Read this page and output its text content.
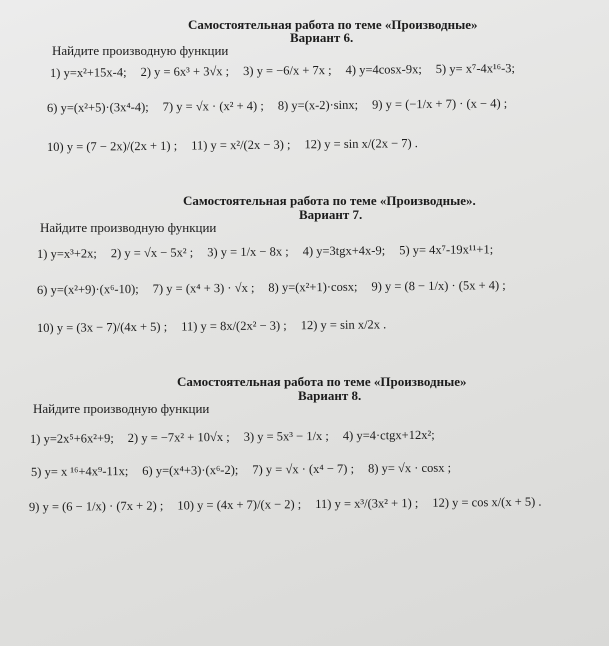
Самостоятельная работа по теме «Производные»
Вариант 6.
Найдите производную функции
1) y=x²+15x-4; 2) y = 6x³ + 3√x ; 3) y = −6/x + 7x ; 4) y=4cosx-9x; 5) y= x⁷-4x¹⁶-3;
6) y=(x²+5)·(3x⁴-4); 7) y = √x · (x² + 4) ; 8) y=(x-2)·sinx; 9) y = (−1/x + 7) · (x − 4) ;
10) y = (7 − 2x)/(2x + 1) ; 11) y = x²/(2x − 3) ; 12) y = sin x/(2x − 7) .
Самостоятельная работа по теме «Производные».
Вариант 7.
Найдите производную функции
1) y=x³+2x; 2) y = √x − 5x² ; 3) y = 1/x − 8x ; 4) y=3tgx+4x-9; 5) y= 4x⁷-19x¹¹+1;
6) y=(x²+9)·(x⁶-10); 7) y = (x⁴ + 3) · √x ; 8) y=(x²+1)·cosx; 9) y = (8 − 1/x) · (5x + 4) ;
10) y = (3x − 7)/(4x + 5) ; 11) y = 8x/(2x² − 3) ; 12) y = sin x/2x .
Самостоятельная работа по теме «Производные»
Вариант 8.
Найдите производную функции
1) y=2x⁵+6x²+9; 2) y = −7x² + 10√x ; 3) y = 5x³ − 1/x ; 4) y=4·ctgx+12x²;
5) y= x ¹⁶+4x⁹-11x; 6) y=(x⁴+3)·(x⁶-2); 7) y = √x · (x⁴ − 7) ; 8) y= √x · cosx ;
9) y = (6 − 1/x) · (7x + 2) ; 10) y = (4x + 7)/(x − 2) ; 11) y = x³/(3x² + 1) ; 12) y = cos x/(x + 5) .
